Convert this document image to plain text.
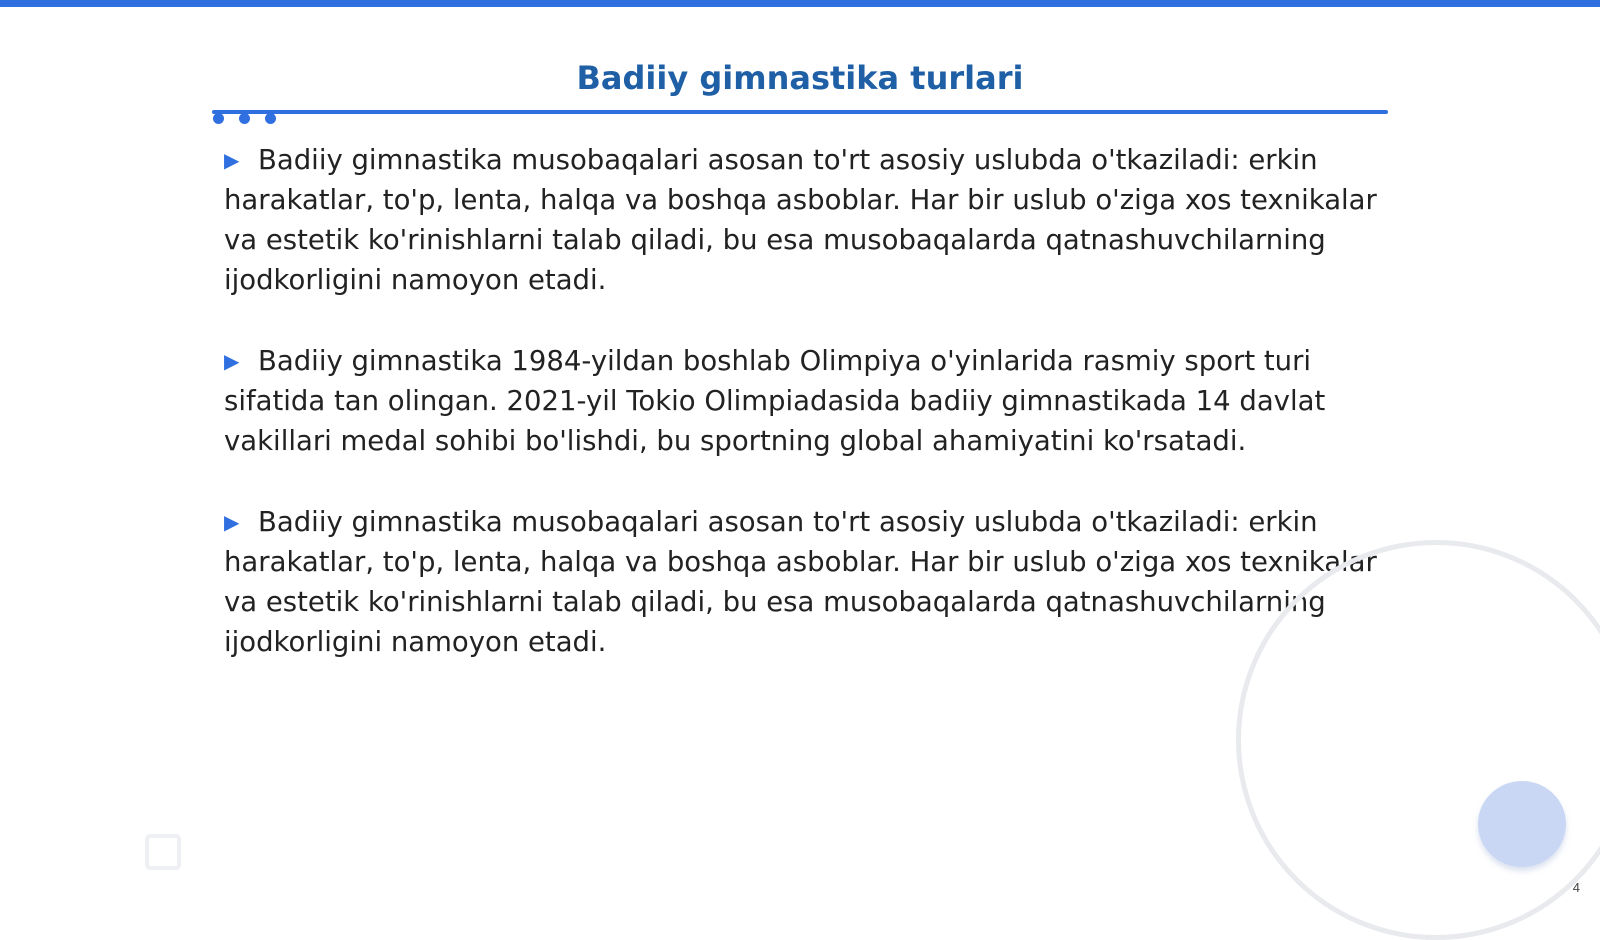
Badiiy gimnastika turlari

▶ Badiiy gimnastika musobaqalari asosan to'rt asosiy uslubda o'tkaziladi: erkin harakatlar, to'p, lenta, halqa va boshqa asboblar. Har bir uslub o'ziga xos texnikalar va estetik ko'rinishlarni talab qiladi, bu esa musobaqalarda qatnashuvchilarning ijodkorligini namoyon etadi.

▶ Badiiy gimnastika 1984-yildan boshlab Olimpiya o'yinlarida rasmiy sport turi sifatida tan olingan. 2021-yil Tokio Olimpiadasida badiiy gimnastikada 14 davlat vakillari medal sohibi bo'lishdi, bu sportning global ahamiyatini ko'rsatadi.

▶ Badiiy gimnastika musobaqalari asosan to'rt asosiy uslubda o'tkaziladi: erkin harakatlar, to'p, lenta, halqa va boshqa asboblar. Har bir uslub o'ziga xos texnikalar va estetik ko'rinishlarni talab qiladi, bu esa musobaqalarda qatnashuvchilarning ijodkorligini namoyon etadi.

4
